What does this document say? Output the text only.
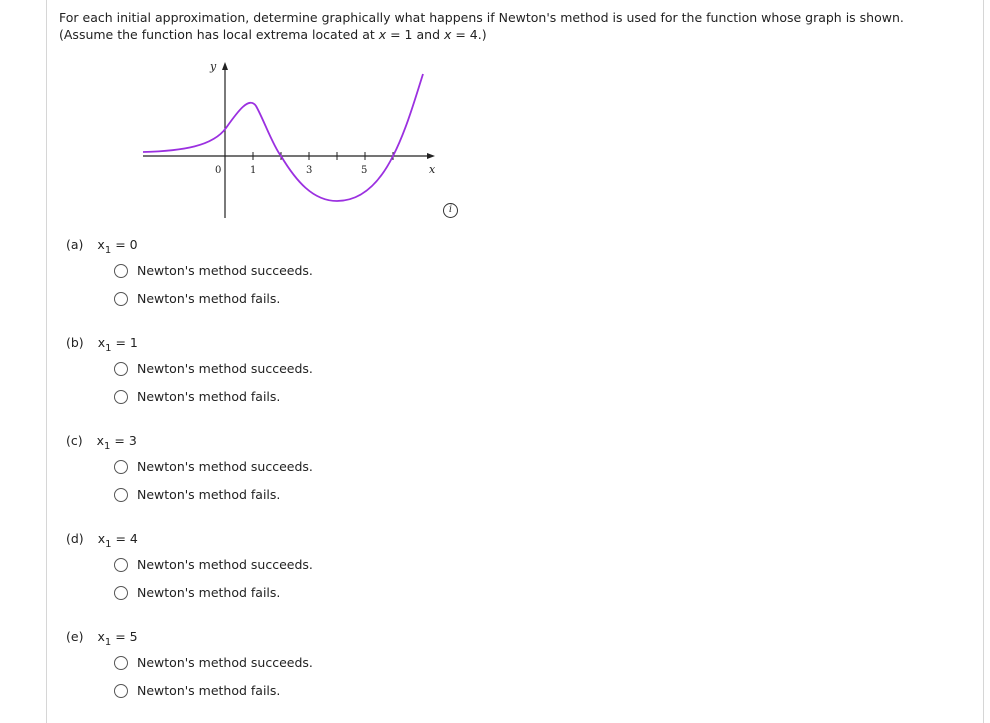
For each initial approximation, determine graphically what happens if Newton's method is used for the function whose graph is shown.
(Assume the function has local extrema located at x = 1 and x = 4.)
y
x
0	1	3	5
i
(a) $x_1 = 0$
Newton's method succeeds.
Newton's method fails.
(b) $x_1 = 1$
Newton's method succeeds.
Newton's method fails.
(c) $x_1 = 3$
Newton's method succeeds.
Newton's method fails.
(d) $x_1 = 4$
Newton's method succeeds.
Newton's method fails.
(e) $x_1 = 5$
Newton's method succeeds.
Newton's method fails.
